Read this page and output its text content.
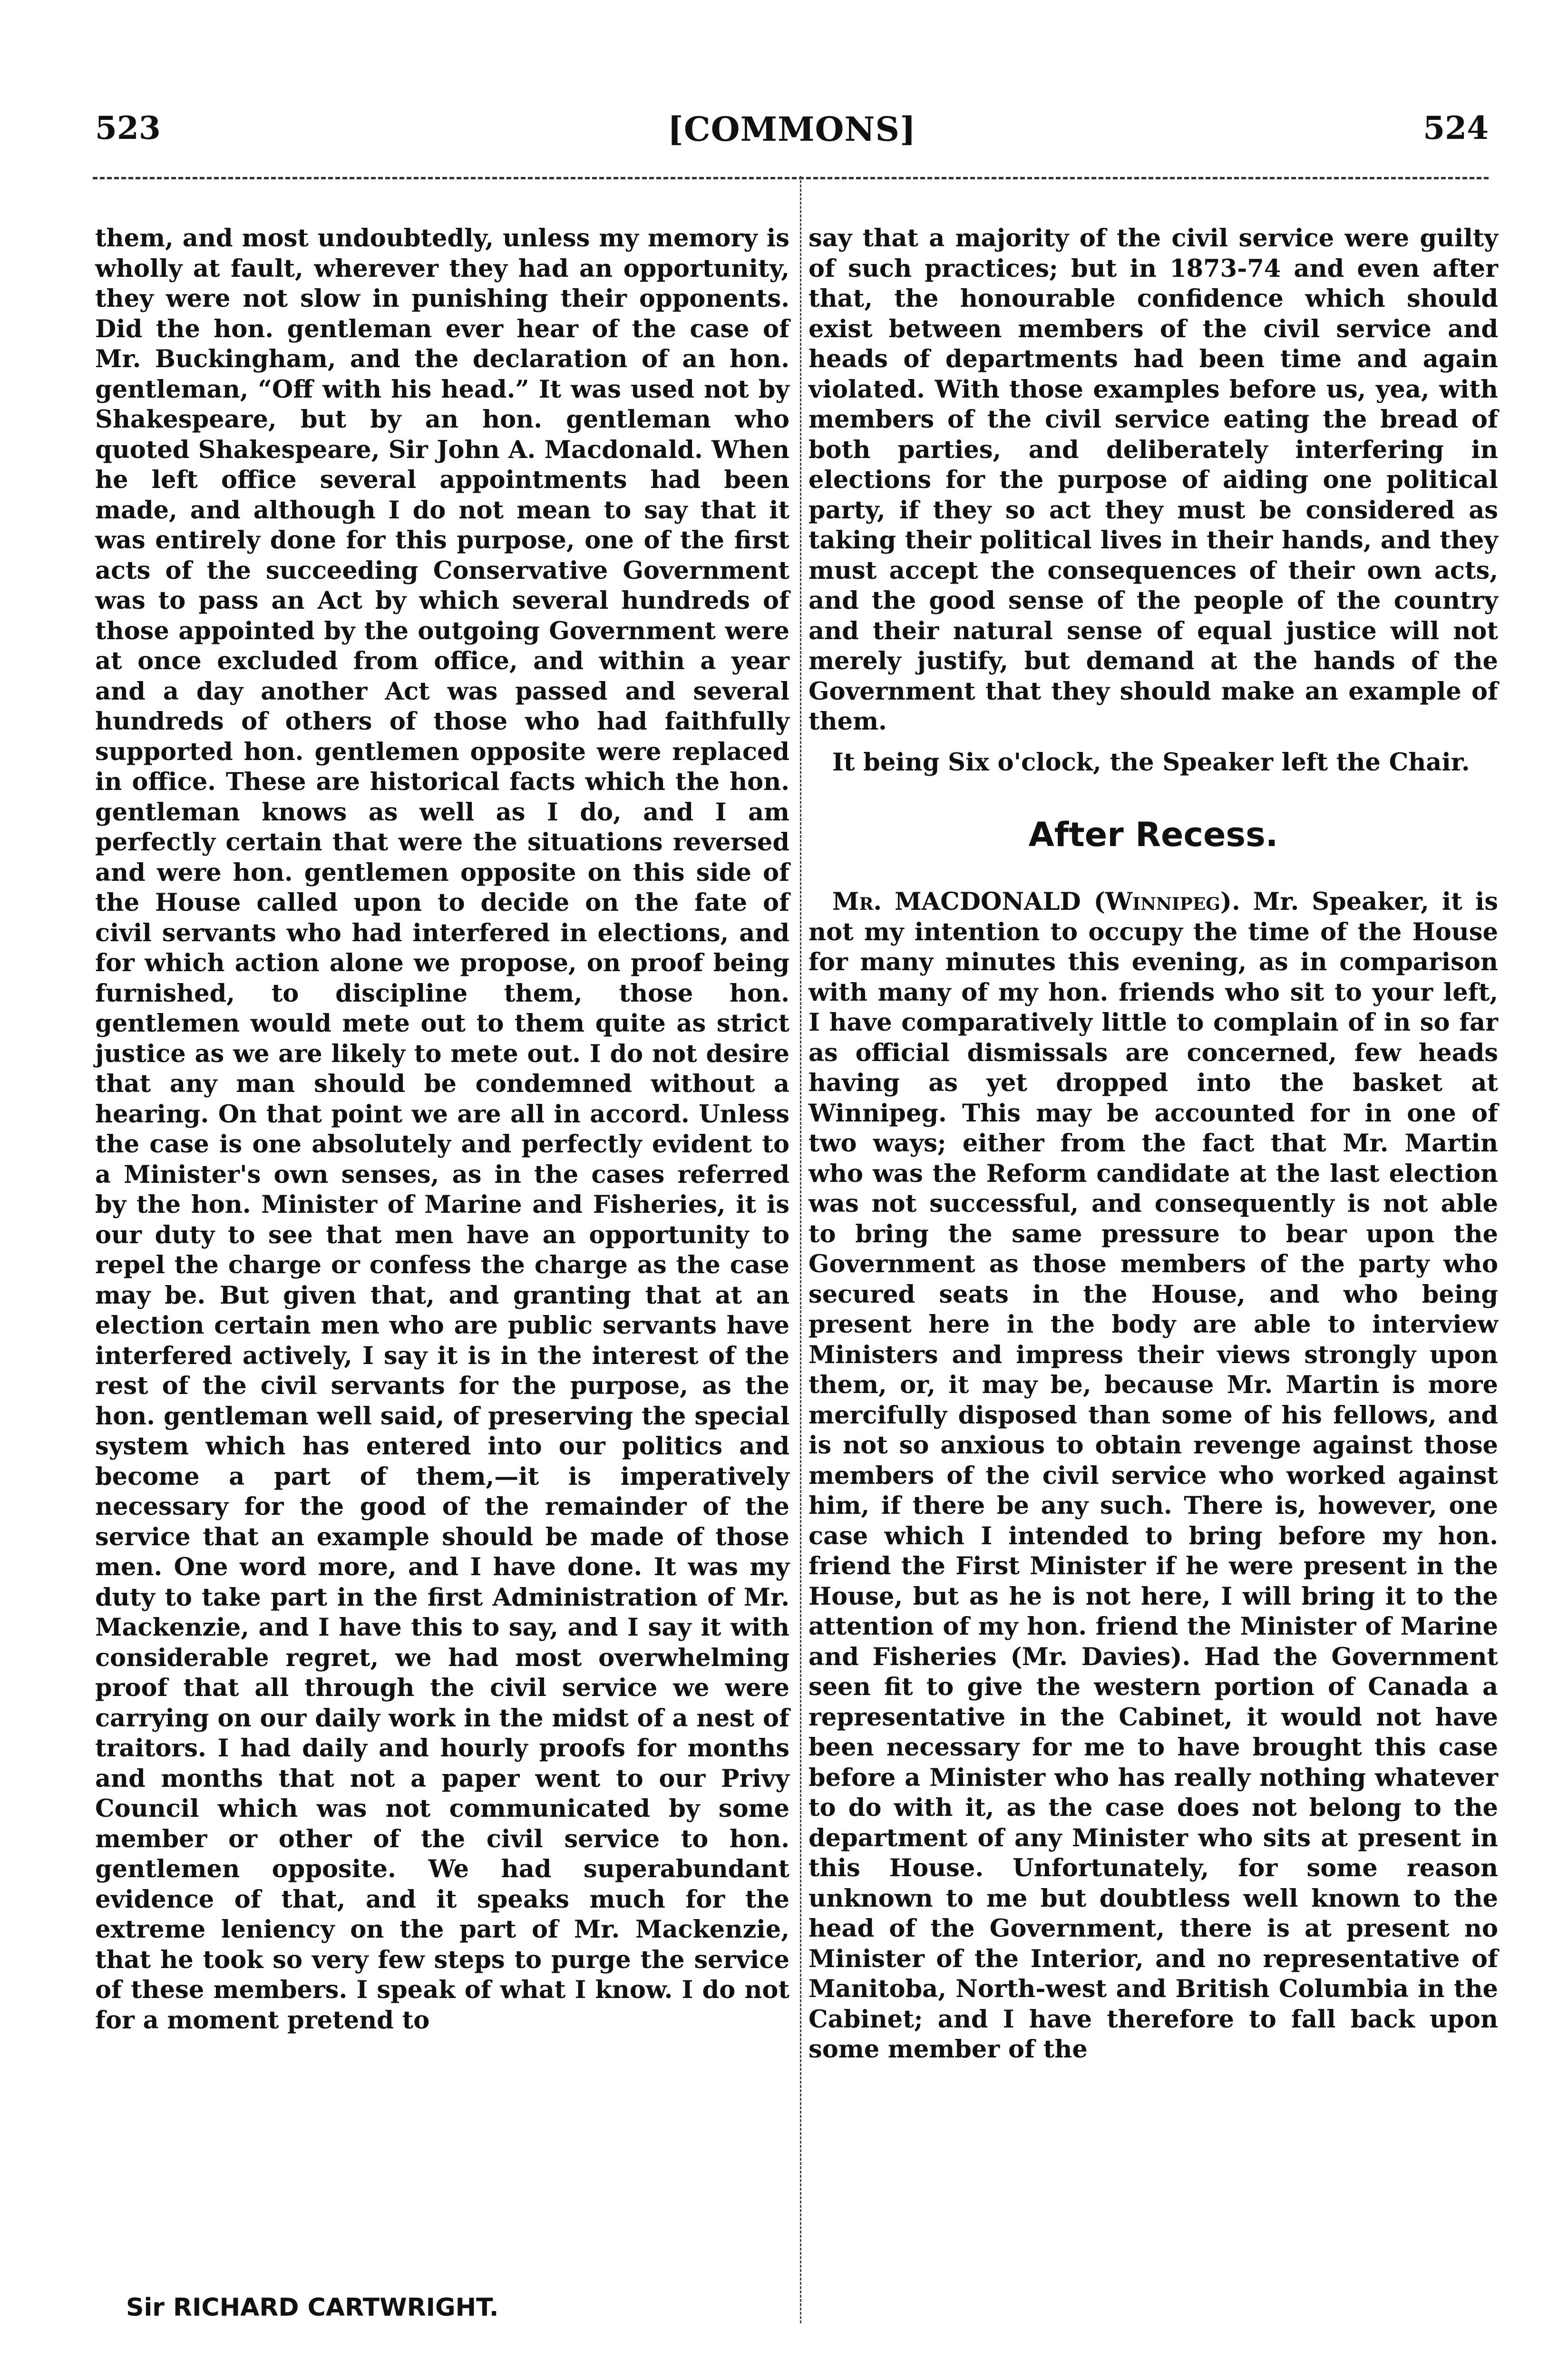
523	[COMMONS]	524

them, and most undoubtedly, unless my memory is wholly at fault, wherever they had an opportunity, they were not slow in punishing their opponents. Did the hon. gentleman ever hear of the case of Mr. Buckingham, and the declaration of an hon. gentleman, “Off with his head.” It was used not by Shakespeare, but by an hon. gentleman who quoted Shakespeare, Sir John A. Macdonald. When he left office several appointments had been made, and although I do not mean to say that it was entirely done for this purpose, one of the first acts of the succeeding Conservative Government was to pass an Act by which several hundreds of those appointed by the outgoing Government were at once excluded from office, and within a year and a day another Act was passed and several hundreds of others of those who had faithfully supported hon. gentlemen opposite were replaced in office. These are historical facts which the hon. gentleman knows as well as I do, and I am perfectly certain that were the situations reversed and were hon. gentlemen opposite on this side of the House called upon to decide on the fate of civil servants who had interfered in elections, and for which action alone we propose, on proof being furnished, to discipline them, those hon. gentlemen would mete out to them quite as strict justice as we are likely to mete out. I do not desire that any man should be condemned without a hearing. On that point we are all in accord. Unless the case is one absolutely and perfectly evident to a Minister's own senses, as in the cases referred by the hon. Minister of Marine and Fisheries, it is our duty to see that men have an opportunity to repel the charge or confess the charge as the case may be. But given that, and granting that at an election certain men who are public servants have interfered actively, I say it is in the interest of the rest of the civil servants for the purpose, as the hon. gentleman well said, of preserving the special system which has entered into our politics and become a part of them,—it is imperatively necessary for the good of the remainder of the service that an example should be made of those men. One word more, and I have done. It was my duty to take part in the first Administration of Mr. Mackenzie, and I have this to say, and I say it with considerable regret, we had most overwhelming proof that all through the civil service we were carrying on our daily work in the midst of a nest of traitors. I had daily and hourly proofs for months and months that not a paper went to our Privy Council which was not communicated by some member or other of the civil service to hon. gentlemen opposite. We had superabundant evidence of that, and it speaks much for the extreme leniency on the part of Mr. Mackenzie, that he took so very few steps to purge the service of these members. I speak of what I know. I do not for a moment pretend to

Sir RICHARD CARTWRIGHT.

say that a majority of the civil service were guilty of such practices; but in 1873-74 and even after that, the honourable confidence which should exist between members of the civil service and heads of departments had been time and again violated. With those examples before us, yea, with members of the civil service eating the bread of both parties, and deliberately interfering in elections for the purpose of aiding one political party, if they so act they must be considered as taking their political lives in their hands, and they must accept the consequences of their own acts, and the good sense of the people of the country and their natural sense of equal justice will not merely justify, but demand at the hands of the Government that they should make an example of them.

It being Six o'clock, the Speaker left the Chair.

After Recess.

Mr. MACDONALD (Winnipeg). Mr. Speaker, it is not my intention to occupy the time of the House for many minutes this evening, as in comparison with many of my hon. friends who sit to your left, I have comparatively little to complain of in so far as official dismissals are concerned, few heads having as yet dropped into the basket at Winnipeg. This may be accounted for in one of two ways; either from the fact that Mr. Martin who was the Reform candidate at the last election was not successful, and consequently is not able to bring the same pressure to bear upon the Government as those members of the party who secured seats in the House, and who being present here in the body are able to interview Ministers and impress their views strongly upon them, or, it may be, because Mr. Martin is more mercifully disposed than some of his fellows, and is not so anxious to obtain revenge against those members of the civil service who worked against him, if there be any such. There is, however, one case which I intended to bring before my hon. friend the First Minister if he were present in the House, but as he is not here, I will bring it to the attention of my hon. friend the Minister of Marine and Fisheries (Mr. Davies). Had the Government seen fit to give the western portion of Canada a representative in the Cabinet, it would not have been necessary for me to have brought this case before a Minister who has really nothing whatever to do with it, as the case does not belong to the department of any Minister who sits at present in this House. Unfortunately, for some reason unknown to me but doubtless well known to the head of the Government, there is at present no Minister of the Interior, and no representative of Manitoba, North-west and British Columbia in the Cabinet; and I have therefore to fall back upon some member of the
